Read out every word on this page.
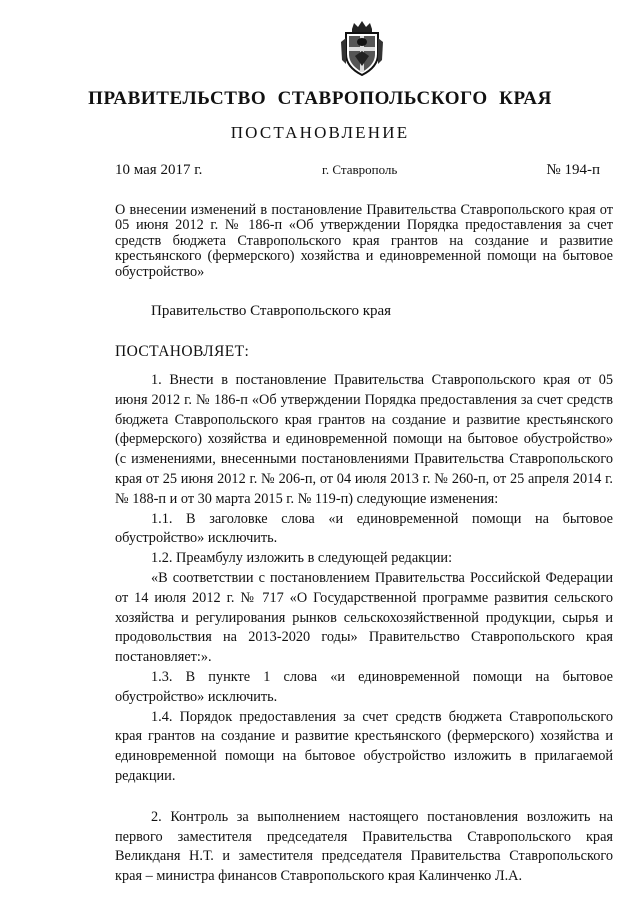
ПРАВИТЕЛЬСТВО СТАВРОПОЛЬСКОГО КРАЯ
ПОСТАНОВЛЕНИЕ
10 мая 2017 г.	г. Ставрополь	№ 194-п
О внесении изменений в постановление Правительства Ставропольского края от 05 июня 2012 г. № 186-п «Об утверждении Порядка предоставления за счет средств бюджета Ставропольского края грантов на создание и развитие крестьянского (фермерского) хозяйства и единовременной помощи на бытовое обустройство»
Правительство Ставропольского края
ПОСТАНОВЛЯЕТ:

1. Внести в постановление Правительства Ставропольского края от 05 июня 2012 г. № 186-п «Об утверждении Порядка предоставления за счет средств бюджета Ставропольского края грантов на создание и развитие крестьянского (фермерского) хозяйства и единовременной помощи на бытовое обустройство» (с изменениями, внесенными постановлениями Правительства Ставропольского края от 25 июня 2012 г. № 206-п, от 04 июля 2013 г. № 260-п, от 25 апреля 2014 г. № 188-п и от 30 марта 2015 г. № 119-п) следующие изменения:

1.1. В заголовке слова «и единовременной помощи на бытовое обустройство» исключить.

1.2. Преамбулу изложить в следующей редакции:

«В соответствии с постановлением Правительства Российской Федерации от 14 июля 2012 г. № 717 «О Государственной программе развития сельского хозяйства и регулирования рынков сельскохозяйственной продукции, сырья и продовольствия на 2013-2020 годы» Правительство Ставропольского края постановляет:».

1.3. В пункте 1 слова «и единовременной помощи на бытовое обустройство» исключить.

1.4. Порядок предоставления за счет средств бюджета Ставропольского края грантов на создание и развитие крестьянского (фермерского) хозяйства и единовременной помощи на бытовое обустройство изложить в прилагаемой редакции.

2. Контроль за выполнением настоящего постановления возложить на первого заместителя председателя Правительства Ставропольского края Великданя Н.Т. и заместителя председателя Правительства Ставропольского края – министра финансов Ставропольского края Калинченко Л.А.
